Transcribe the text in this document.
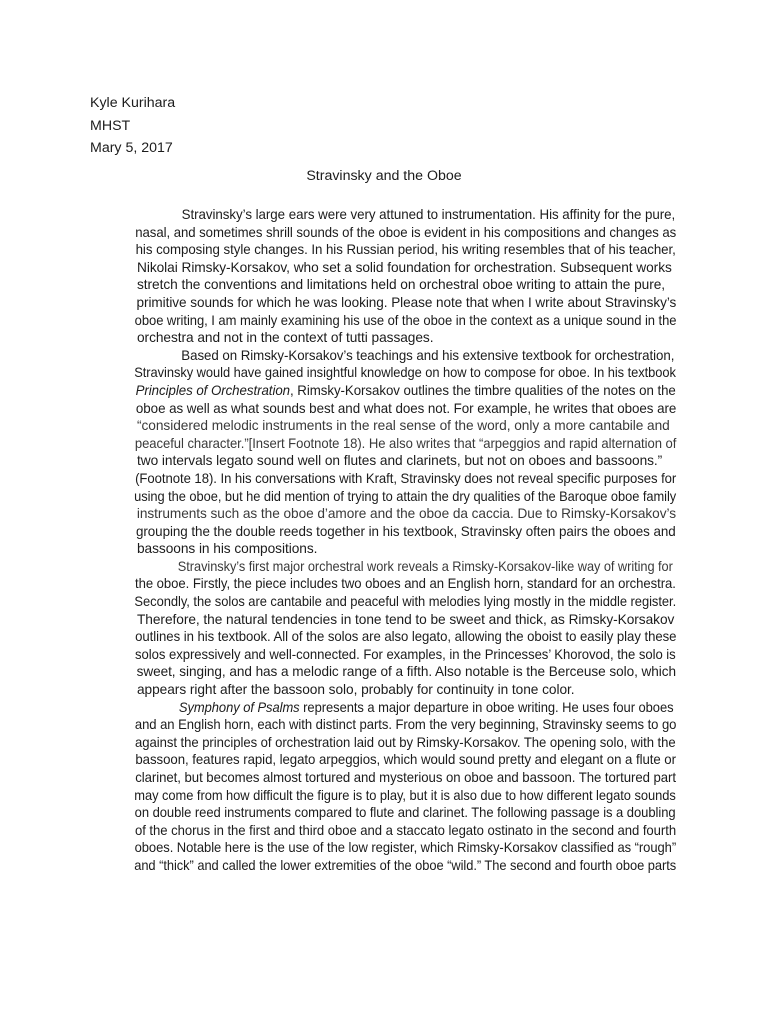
Kyle Kurihara
MHST
Mary 5, 2017
Stravinsky and the Oboe
Stravinsky’s large ears were very attuned to instrumentation. His affinity for the pure,
nasal, and sometimes shrill sounds of the oboe is evident in his compositions and changes as
his composing style changes. In his Russian period, his writing resembles that of his teacher,
Nikolai Rimsky-Korsakov, who set a solid foundation for orchestration. Subsequent works
stretch the conventions and limitations held on orchestral oboe writing to attain the pure,
primitive sounds for which he was looking. Please note that when I write about Stravinsky’s
oboe writing, I am mainly examining his use of the oboe in the context as a unique sound in the
orchestra and not in the context of tutti passages.
Based on Rimsky-Korsakov’s teachings and his extensive textbook for orchestration,
Stravinsky would have gained insightful knowledge on how to compose for oboe. In his textbook
Principles of Orchestration, Rimsky-Korsakov outlines the timbre qualities of the notes on the
oboe as well as what sounds best and what does not. For example, he writes that oboes are
“considered melodic instruments in the real sense of the word, only a more cantabile and
peaceful character.”[Insert Footnote 18). He also writes that “arpeggios and rapid alternation of
two intervals legato sound well on flutes and clarinets, but not on oboes and bassoons.”
(Footnote 18). In his conversations with Kraft, Stravinsky does not reveal specific purposes for
using the oboe, but he did mention of trying to attain the dry qualities of the Baroque oboe family
instruments such as the oboe d’amore and the oboe da caccia. Due to Rimsky-Korsakov’s
grouping the the double reeds together in his textbook, Stravinsky often pairs the oboes and
bassoons in his compositions.
Stravinsky’s first major orchestral work reveals a Rimsky-Korsakov-like way of writing for
the oboe. Firstly, the piece includes two oboes and an English horn, standard for an orchestra.
Secondly, the solos are cantabile and peaceful with melodies lying mostly in the middle register.
Therefore, the natural tendencies in tone tend to be sweet and thick, as Rimsky-Korsakov
outlines in his textbook. All of the solos are also legato, allowing the oboist to easily play these
solos expressively and well-connected. For examples, in the Princesses’ Khorovod, the solo is
sweet, singing, and has a melodic range of a fifth. Also notable is the Berceuse solo, which
appears right after the bassoon solo, probably for continuity in tone color.
Symphony of Psalms represents a major departure in oboe writing. He uses four oboes
and an English horn, each with distinct parts. From the very beginning, Stravinsky seems to go
against the principles of orchestration laid out by Rimsky-Korsakov. The opening solo, with the
bassoon, features rapid, legato arpeggios, which would sound pretty and elegant on a flute or
clarinet, but becomes almost tortured and mysterious on oboe and bassoon. The tortured part
may come from how difficult the figure is to play, but it is also due to how different legato sounds
on double reed instruments compared to flute and clarinet. The following passage is a doubling
of the chorus in the first and third oboe and a staccato legato ostinato in the second and fourth
oboes. Notable here is the use of the low register, which Rimsky-Korsakov classified as “rough”
and “thick” and called the lower extremities of the oboe “wild.” The second and fourth oboe parts
